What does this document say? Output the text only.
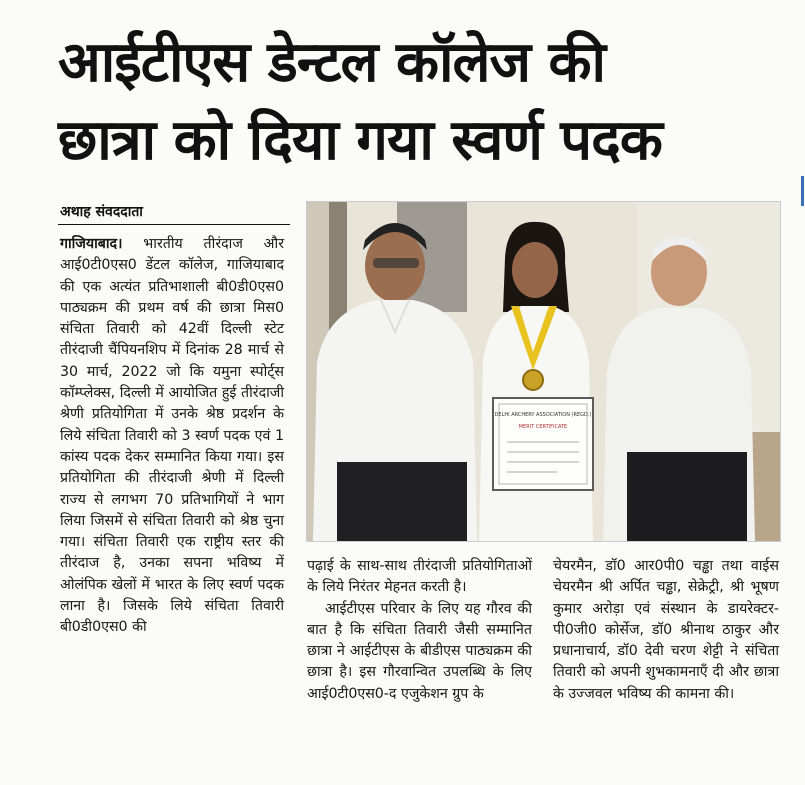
आईटीएस डेन्टल कॉलेज की
छात्रा को दिया गया स्वर्ण पदक
अथाह संवददाता

गाजियाबाद। भारतीय तीरंदाज और आई0टी0एस0 डेंटल कॉलेज, गाजियाबाद की एक अत्यंत प्रतिभाशाली बी0डी0एस0 पाठ्यक्रम की प्रथम वर्ष की छात्रा मिस0 संचिता तिवारी को 42वीं दिल्ली स्टेट तीरंदाजी चैंपियनशिप में दिनांक 28 मार्च से 30 मार्च, 2022 जो कि यमुना स्पोर्ट्स कॉम्प्लेक्स, दिल्ली में आयोजित हुई तीरंदाजी श्रेणी प्रतियोगिता में उनके श्रेष्ठ प्रदर्शन के लिये संचिता तिवारी को 3 स्वर्ण पदक एवं 1 कांस्य पदक देकर सम्मानित किया गया। इस प्रतियोगिता की तीरंदाजी श्रेणी में दिल्ली राज्य से लगभग 70 प्रतिभागियों ने भाग लिया जिसमें से संचिता तिवारी को श्रेष्ठ चुना गया। संचिता तिवारी एक राष्ट्रीय स्तर की तीरंदाज है, उनका सपना भविष्य में ओलंपिक खेलों में भारत के लिए स्वर्ण पदक लाना है। जिसके लिये संचिता तिवारी बी0डी0एस0 की

DELHI ARCHERY ASSOCIATION (REGD.)
MERIT CERTIFICATE

पढ़ाई के साथ-साथ तीरंदाजी प्रतियोगिताओं के लिये निरंतर मेहनत करती है।

आईटीएस परिवार के लिए यह गौरव की बात है कि संचिता तिवारी जैसी सम्मानित छात्रा ने आईटीएस के बीडीएस पाठ्यक्रम की छात्रा है। इस गौरवान्वित उपलब्धि के लिए आई0टी0एस0-द एजुकेशन ग्रुप के

चेयरमैन, डॉ0 आर0पी0 चड्ढा तथा वाईस चेयरमैन श्री अर्पित चड्ढा, सेक्रेट्री, श्री भूषण कुमार अरोड़ा एवं संस्थान के डायरेक्टर-पी0जी0 कोर्सेज, डॉ0 श्रीनाथ ठाकुर और प्रधानाचार्य, डॉ0 देवी चरण शेट्टी ने संचिता तिवारी को अपनी शुभकामनाएँ दी और छात्रा के उज्जवल भविष्य की कामना की।
